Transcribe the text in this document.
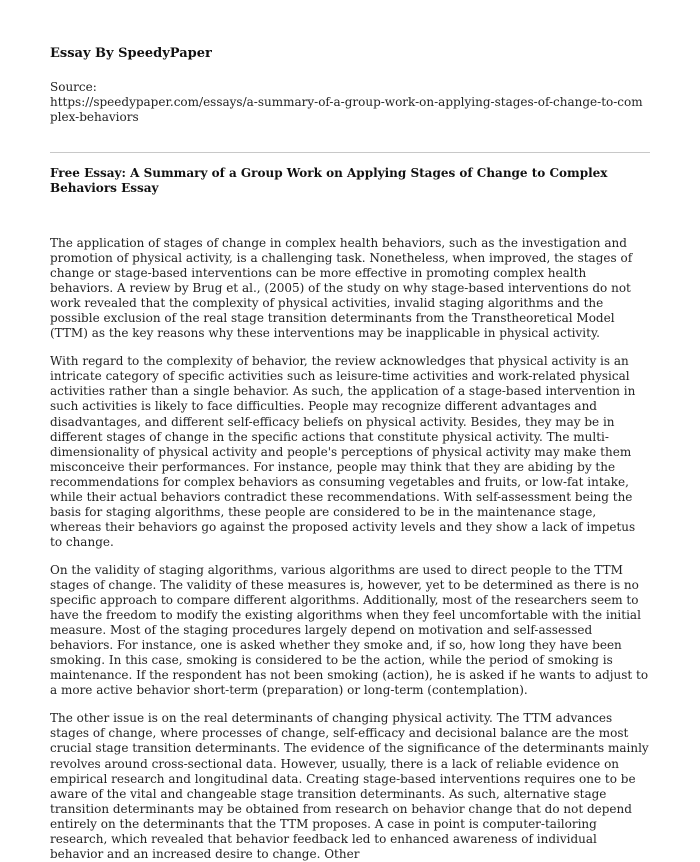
Essay By SpeedyPaper
Source:
https://speedypaper.com/essays/a-summary-of-a-group-work-on-applying-stages-of-change-to-complex-behaviors
Free Essay: A Summary of a Group Work on Applying Stages of Change to Complex Behaviors Essay

The application of stages of change in complex health behaviors, such as the investigation and promotion of physical activity, is a challenging task. Nonetheless, when improved, the stages of change or stage-based interventions can be more effective in promoting complex health behaviors. A review by Brug et al., (2005) of the study on why stage-based interventions do not work revealed that the complexity of physical activities, invalid staging algorithms and the possible exclusion of the real stage transition determinants from the Transtheoretical Model (TTM) as the key reasons why these interventions may be inapplicable in physical activity.

With regard to the complexity of behavior, the review acknowledges that physical activity is an intricate category of specific activities such as leisure-time activities and work-related physical activities rather than a single behavior. As such, the application of a stage-based intervention in such activities is likely to face difficulties. People may recognize different advantages and disadvantages, and different self-efficacy beliefs on physical activity. Besides, they may be in different stages of change in the specific actions that constitute physical activity. The multi-dimensionality of physical activity and people's perceptions of physical activity may make them misconceive their performances. For instance, people may think that they are abiding by the recommendations for complex behaviors as consuming vegetables and fruits, or low-fat intake, while their actual behaviors contradict these recommendations. With self-assessment being the basis for staging algorithms, these people are considered to be in the maintenance stage, whereas their behaviors go against the proposed activity levels and they show a lack of impetus to change.

On the validity of staging algorithms, various algorithms are used to direct people to the TTM stages of change. The validity of these measures is, however, yet to be determined as there is no specific approach to compare different algorithms. Additionally, most of the researchers seem to have the freedom to modify the existing algorithms when they feel uncomfortable with the initial measure. Most of the staging procedures largely depend on motivation and self-assessed behaviors. For instance, one is asked whether they smoke and, if so, how long they have been smoking. In this case, smoking is considered to be the action, while the period of smoking is maintenance. If the respondent has not been smoking (action), he is asked if he wants to adjust to a more active behavior short-term (preparation) or long-term (contemplation).

The other issue is on the real determinants of changing physical activity. The TTM advances stages of change, where processes of change, self-efficacy and decisional balance are the most crucial stage transition determinants. The evidence of the significance of the determinants mainly revolves around cross-sectional data. However, usually, there is a lack of reliable evidence on empirical research and longitudinal data. Creating stage-based interventions requires one to be aware of the vital and changeable stage transition determinants. As such, alternative stage transition determinants may be obtained from research on behavior change that do not depend entirely on the determinants that the TTM proposes. A case in point is computer-tailoring research, which revealed that behavior feedback led to enhanced awareness of individual behavior and an increased desire to change. Other
